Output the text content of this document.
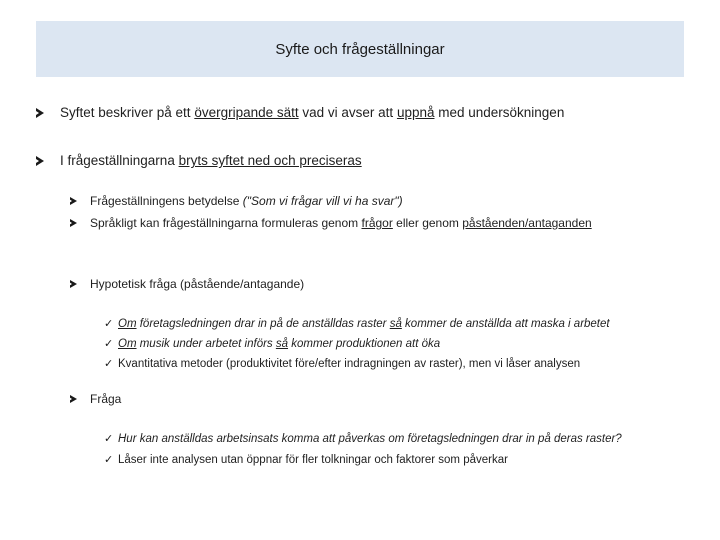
Syfte och frågeställningar
Syftet beskriver på ett övergripande sätt vad vi avser att uppnå med undersökningen
I frågeställningarna bryts syftet ned och preciseras
Frågeställningens betydelse ("Som vi frågar vill vi ha svar")
Språkligt kan frågeställningarna formuleras genom frågor eller genom påståenden/antaganden
Hypotetisk fråga (påstående/antagande)
✓ Om företagsledningen drar in på de anställdas raster så kommer de anställda att maska i arbetet
✓ Om musik under arbetet införs så kommer produktionen att öka
✓ Kvantitativa metoder (produktivitet före/efter indragningen av raster), men vi låser analysen
Fråga
✓ Hur kan anställdas arbetsinsats komma att påverkas om företagsledningen drar in på deras raster?
✓ Låser inte analysen utan öppnar för fler tolkningar och faktorer som påverkar
